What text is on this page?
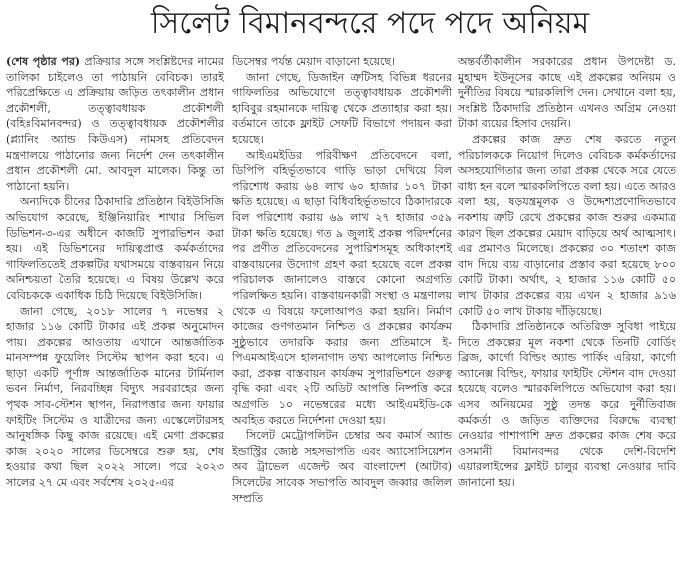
সিলেট বিমানবন্দরে পদে পদে অনিয়ম

(শেষ পৃষ্ঠার পর) প্রক্রিয়ার সঙ্গে সংশ্লিষ্টদের নামের তালিকা চাইলেও তা পাঠায়নি বেবিচক। তারই পরিপ্রেক্ষিতে এ প্রক্রিয়ায় জড়িত তৎকালীন প্রধান প্রকৌশলী, তত্ত্বাবধায়ক প্রকৌশলী (বহিঃবিমানবন্দর) ও তত্ত্বাবধায়ক প্রকৌশলীর (প্ল্যানিং অ্যান্ড কিউএস) নামসহ প্রতিবেদন মন্ত্রণালয়ে পাঠানোর জন্য নির্দেশ দেন তৎকালীন প্রধান প্রকৌশলী মো. আবদুল মালেক। কিন্তু তা পাঠানো হয়নি।

অন্যদিকে চীনের ঠিকাদারি প্রতিষ্ঠান বিইউসিজি অভিযোগ করেছে, ইঞ্জিনিয়ারিং শাখার সিভিল ডিভিশন-৩-এর অধীনে কাজটি সুপারভিশন করা হয়। এই ডিভিশনের দায়িত্বপ্রাপ্ত কর্মকর্তাদের গাফিলতিতেই প্রকল্পটির যথাসময়ে বাস্তবায়ন নিয়ে অনিশ্চয়তা তৈরি হয়েছে। এ বিষয় উল্লেখ করে বেবিচককে একাধিক চিঠি দিয়েছে বিইউসিজি।

জানা গেছে, ২০১৮ সালের ৭ নভেম্বর ২ হাজার ১১৬ কোটি টাকার এই প্রকল্প অনুমোদন পায়। প্রকল্পের আওতায় এখানে আন্তর্জাতিক মানসম্পন্ন ফুয়েলিং সিস্টেম স্থাপন করা হবে। এ ছাড়া একটি পূর্ণাঙ্গ আন্তর্জাতিক মানের টার্মিনাল ভবন নির্মাণ, নিরবচ্ছিন্ন বিদ্যুৎ সরবরাহের জন্য পৃথক সাব-স্টেশন স্থাপন, নিরাপত্তার জন্য ফায়ার ফাইটিং সিস্টেম ও যাত্রীদের জন্য এস্কেলেটারসহ আনুষঙ্গিক কিছু কাজ রয়েছে। এই মেগা প্রকল্পের কাজ ২০২০ সালের ডিসেম্বরে শুরু হয়, শেষ হওয়ার কথা ছিল ২০২২ সালে। পরে ২০২৩ সালের ২৭ মে এবং সর্বশেষ ২০২৫-এর

ডিসেম্বর পর্যন্ত মেয়াদ বাড়ানো হয়েছে।

জানা গেছে, ডিজাইন ত্রুটিসহ বিভিন্ন ধরনের গাফিলতির অভিযোগে তত্ত্বাবধায়ক প্রকৌশলী হাবিবুর রহমানকে দায়িত্ব থেকে প্রত্যাহার করা হয়। বর্তমানে তাকে ফ্লাইট সেফটি বিভাগে পদায়ন করা হয়েছে।

আইএমইডির পরিবীক্ষণ প্রতিবেদনে বলা, ডিপিপি বহির্ভূতভাবে গাড়ি ভাড়া দেখিয়ে বিল পরিশোধ করায় ৬৪ লাখ ৬০ হাজার ১০৭ টাকা ক্ষতি হয়েছে। এ ছাড়া বিধিবহির্ভূতভাবে ঠিকাদারকে বিল পরিশোধ করায় ৬৯ লাখ ২৭ হাজার ৩৫৯ টাকা ক্ষতি হয়েছে। গত ৯ জুলাই প্রকল্প পরিদর্শনের পর প্রণীত প্রতিবেদনের সুপারিশসমূহ অধিকাংশই বাস্তবায়নের উদ্যোগ গ্রহণ করা হয়েছে বলে প্রকল্প পরিচালক জানালেও বাস্তবে কোনো অগ্রগতি পরিলক্ষিত হয়নি। বাস্তবায়নকারী সংস্থা ও মন্ত্রণালয় থেকে এ বিষয়ে ফলোআপও করা হয়নি। নির্মাণ কাজের গুণগতমান নিশ্চিত ও প্রকল্পের কার্যক্রম সুষ্ঠুভাবে তদারকি করার জন্য প্রতিমাসে ই-পিএমআইএসে হালনাগাদ তথ্য আপলোড নিশ্চিত করা, প্রকল্প বাস্তবায়ন কার্যক্রম সুপারভিশনে গুরুত্ব বৃদ্ধি করা এবং ২টি অডিট আপত্তি নিষ্পত্তি করে অগ্রগতি ১০ নভেম্বরের মধ্যে আইএমইডি-কে অবহিত করতে নির্দেশনা দেওয়া হয়।

সিলেট মেট্রোপলিটন চেম্বার অব কমার্স অ্যান্ড ইন্ডাস্ট্রির জ্যেষ্ঠ সহসভাপতি এবং অ্যাসোসিয়েশন অব ট্রাভেল এজেন্ট অব বাংলাদেশ (আটাব) সিলেটের সাবেক সভাপতি আবদুল জব্বার জলিল সম্প্রতি

অন্তর্বর্তীকালীন সরকারের প্রধান উপদেষ্টা ড. মুহাম্মদ ইউনূসের কাছে এই প্রকল্পের অনিয়ম ও দুর্নীতির বিষয়ে স্মারকলিপি দেন। সেখানে বলা হয়, সংশ্লিষ্ট ঠিকাদারি প্রতিষ্ঠান এখনও অগ্রিম নেওয়া টাকা ব্যয়ের হিসাব দেয়নি।

প্রকল্পের কাজ দ্রুত শেষ করতে নতুন পরিচালককে নিয়োগ দিলেও বেবিচক কর্মকর্তাদের অসহযোগিতার জন্য তারা প্রকল্প থেকে সরে যেতে বাধ্য হন বলে স্মারকলিপিতে বলা হয়। এতে আরও বলা হয়, ষড়যন্ত্রমূলক ও উদ্দেশ্যপ্রণোদিতভাবে নকশায় ত্রুটি রেখে প্রকল্পের কাজ শুরুর একমাত্র কারণ ছিল প্রকল্পের মেয়াদ বাড়িয়ে অর্থ আত্মসাৎ। এর প্রমাণও মিলেছে। প্রকল্পের ৩০ শতাংশ কাজ বাদ দিয়ে ব্যয় বাড়ানোর প্রস্তাব করা হয়েছে ৮০০ কোটি টাকা। অর্থাৎ, ২ হাজার ১১৬ কোটি ৫০ লাখ টাকার প্রকল্পের ব্যয় এখন ২ হাজার ৯১৬ কোটি ৫০ লাখ টাকায় দাঁড়িয়েছে।

ঠিকাদারি প্রতিষ্ঠানকে অতিরিক্ত সুবিধা পাইয়ে দিতে প্রকল্পের মূল নকশা থেকে তিনটি বোর্ডিং ব্রিজ, কার্গো বিল্ডিং অ্যান্ড পার্কিং এরিয়া, কার্গো অ্যানেক্স বিল্ডিং, ফায়ার ফাইটিং স্টেশন বাদ দেওয়া হয়েছে বলেও স্মারকলিপিতে অভিযোগ করা হয়। এসব অনিয়মের সুষ্ঠু তদন্ত করে দুর্নীতিবাজ কর্মকর্তা ও জড়িত ব্যক্তিদের বিরুদ্ধে ব্যবস্থা নেওয়ার পাশাপাশি দ্রুত প্রকল্পের কাজ শেষ করে ওসমানী বিমানবন্দর থেকে দেশি-বিদেশি এয়ারলাইন্সের ফ্লাইট চালুর ব্যবস্থা নেওয়ার দাবি জানানো হয়।
